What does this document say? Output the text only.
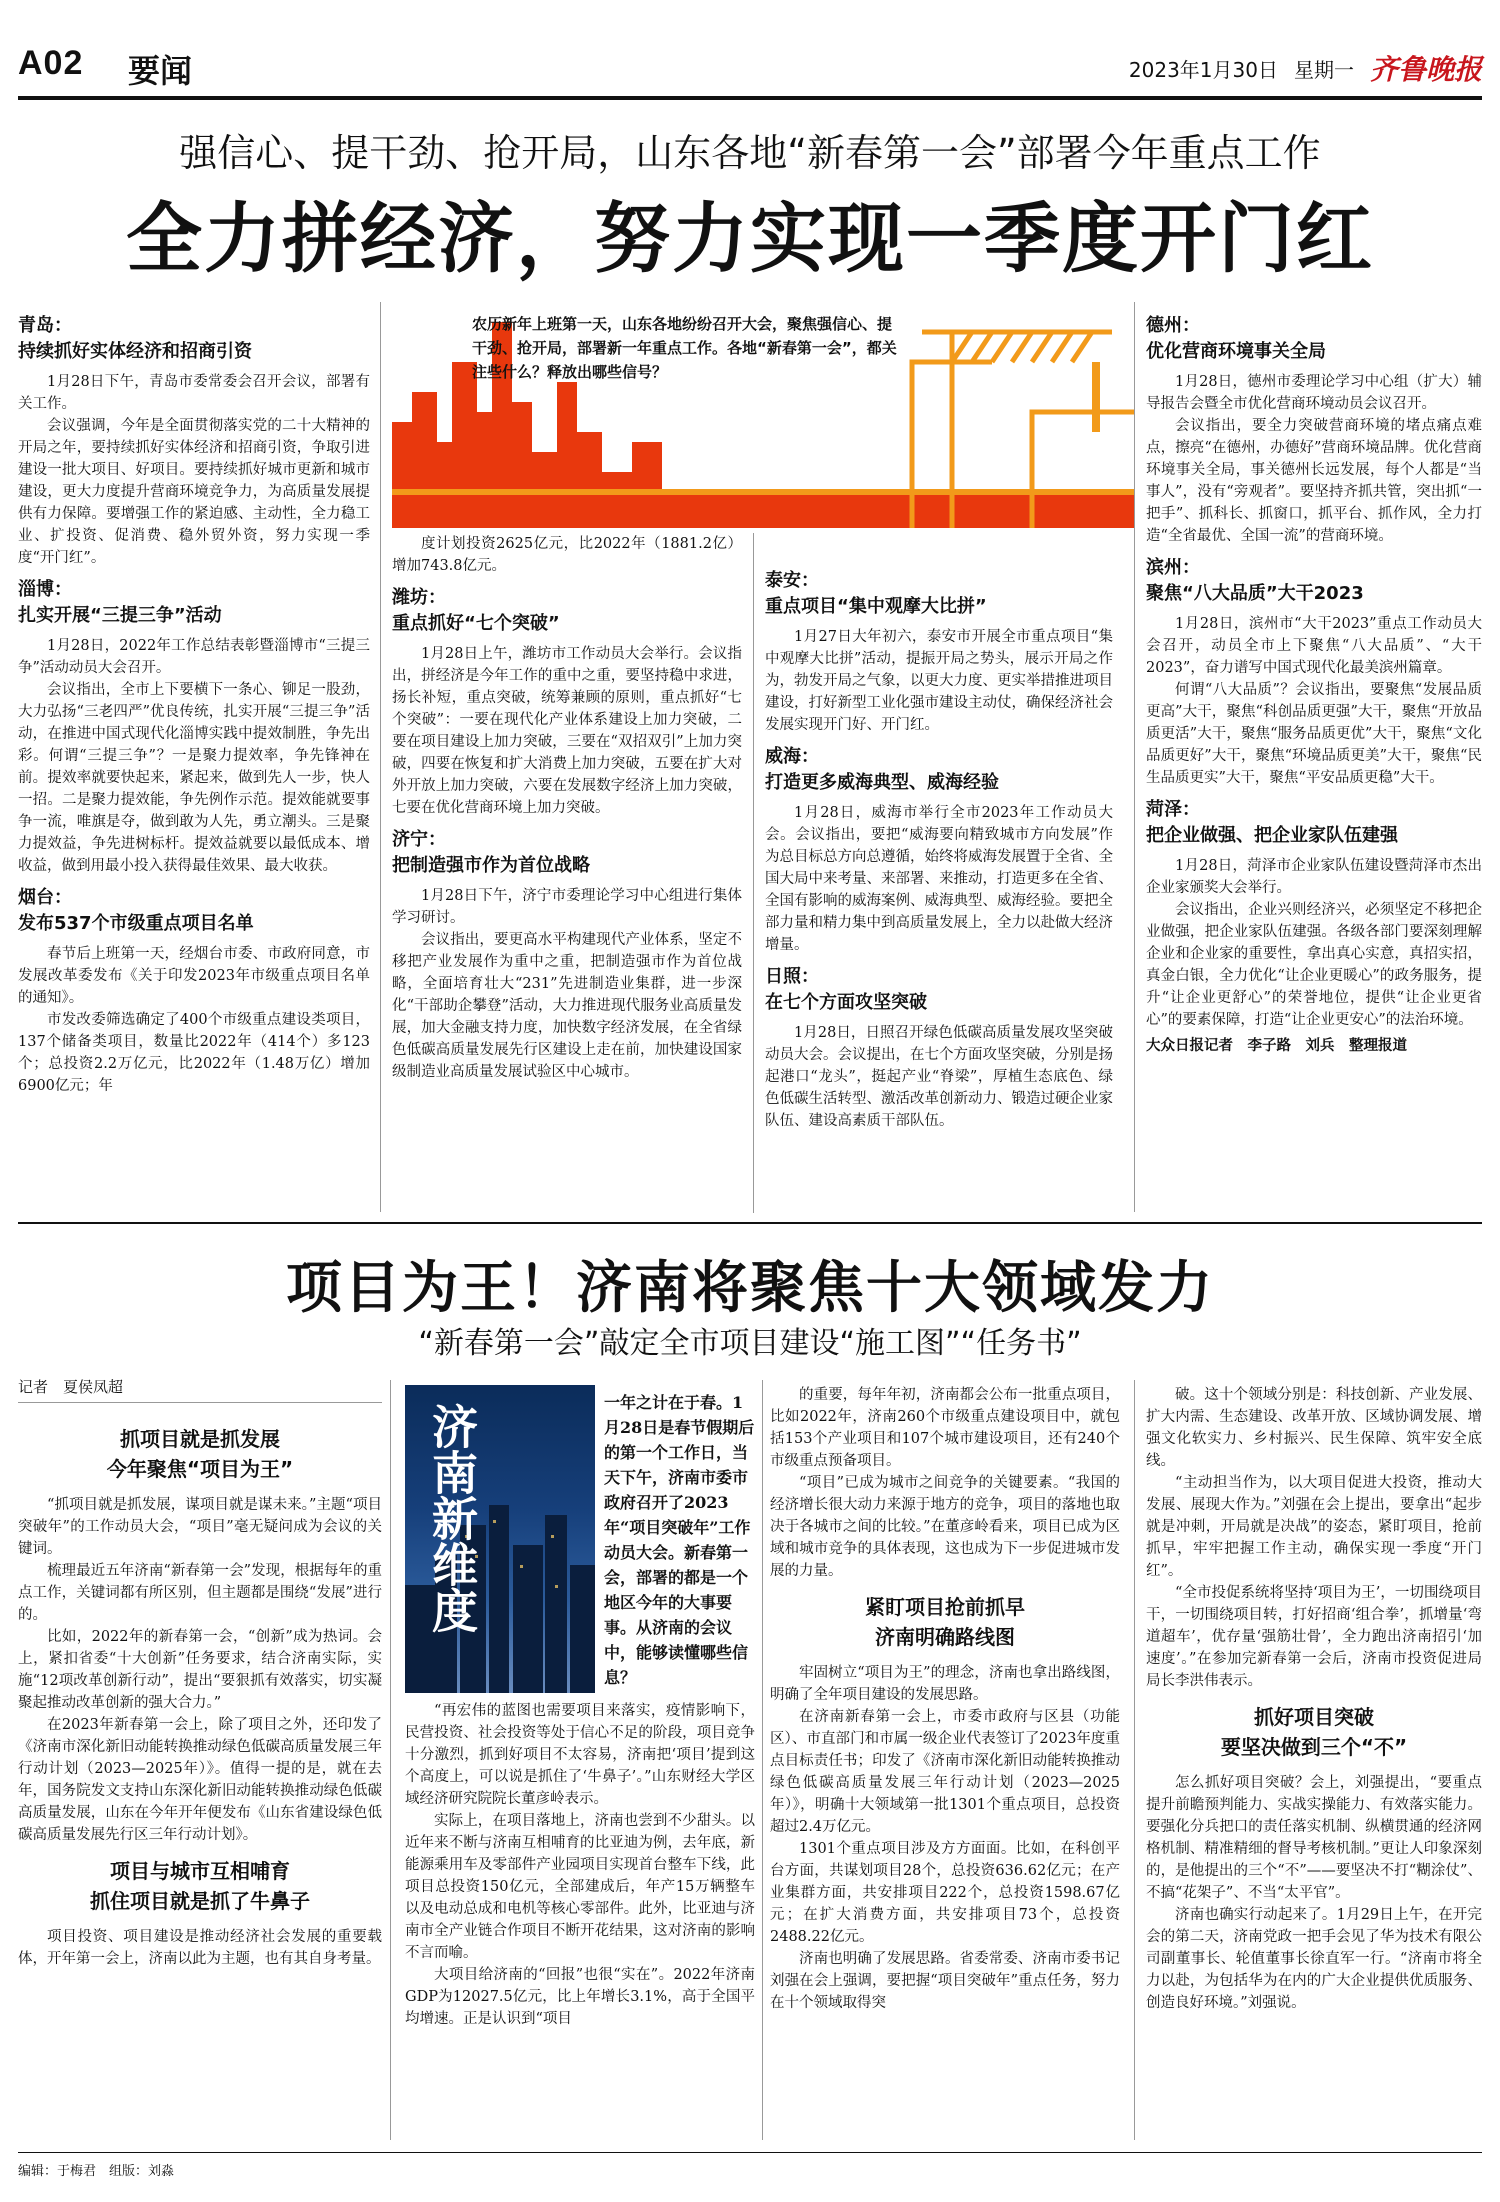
A02 要闻	2023年1月30日 星期一 齐鲁晚报
强信心、提干劲、抢开局，山东各地“新春第一会”部署今年重点工作
全力拼经济，努力实现一季度开门红
青岛：
持续抓好实体经济和招商引资

1月28日下午，青岛市委常委会召开会议，部署有关工作。

会议强调，今年是全面贯彻落实党的二十大精神的开局之年，要持续抓好实体经济和招商引资，争取引进建设一批大项目、好项目。要持续抓好城市更新和城市建设，更大力度提升营商环境竞争力，为高质量发展提供有力保障。要增强工作的紧迫感、主动性，全力稳工业、扩投资、促消费、稳外贸外资，努力实现一季度“开门红”。

淄博：
扎实开展“三提三争”活动

1月28日，2022年工作总结表彰暨淄博市“三提三争”活动动员大会召开。

会议指出，全市上下要横下一条心、铆足一股劲，大力弘扬“三老四严”优良传统，扎实开展“三提三争”活动，在推进中国式现代化淄博实践中提效制胜，争先出彩。何谓“三提三争”？一是聚力提效率，争先锋神在前。提效率就要快起来，紧起来，做到先人一步，快人一招。二是聚力提效能，争先例作示范。提效能就要事争一流，唯旗是夺，做到敢为人先，勇立潮头。三是聚力提效益，争先进树标杆。提效益就要以最低成本、增收益，做到用最小投入获得最佳效果、最大收获。

烟台：
发布537个市级重点项目名单

春节后上班第一天，经烟台市委、市政府同意，市发展改革委发布《关于印发2023年市级重点项目名单的通知》。

市发改委筛选确定了400个市级重点建设类项目，137个储备类项目，数量比2022年（414个）多123个；总投资2.2万亿元，比2022年（1.48万亿）增加6900亿元；年

农历新年上班第一天，山东各地纷纷召开大会，聚焦强信心、提干劲、抢开局，部署新一年重点工作。各地“新春第一会”，都关注些什么？释放出哪些信号？

度计划投资2625亿元，比2022年（1881.2亿）增加743.8亿元。

潍坊：
重点抓好“七个突破”

1月28日上午，潍坊市工作动员大会举行。会议指出，拼经济是今年工作的重中之重，要坚持稳中求进，扬长补短，重点突破，统筹兼顾的原则，重点抓好“七个突破”：一要在现代化产业体系建设上加力突破，二要在项目建设上加力突破，三要在“双招双引”上加力突破，四要在恢复和扩大消费上加力突破，五要在扩大对外开放上加力突破，六要在发展数字经济上加力突破，七要在优化营商环境上加力突破。

济宁：
把制造强市作为首位战略

1月28日下午，济宁市委理论学习中心组进行集体学习研讨。

会议指出，要更高水平构建现代产业体系，坚定不移把产业发展作为重中之重，把制造强市作为首位战略，全面培育壮大“231”先进制造业集群，进一步深化“干部助企攀登”活动，大力推进现代服务业高质量发展，加大金融支持力度，加快数字经济发展，在全省绿色低碳高质量发展先行区建设上走在前，加快建设国家级制造业高质量发展试验区中心城市。

泰安：
重点项目“集中观摩大比拼”

1月27日大年初六，泰安市开展全市重点项目“集中观摩大比拼”活动，提振开局之势头，展示开局之作为，勃发开局之气象，以更大力度、更实举措推进项目建设，打好新型工业化强市建设主动仗，确保经济社会发展实现开门好、开门红。

威海：
打造更多威海典型、威海经验

1月28日，威海市举行全市2023年工作动员大会。会议指出，要把“威海要向精致城市方向发展”作为总目标总方向总遵循，始终将威海发展置于全省、全国大局中来考量、来部署、来推动，打造更多在全省、全国有影响的威海案例、威海典型、威海经验。要把全部力量和精力集中到高质量发展上，全力以赴做大经济增量。

日照：
在七个方面攻坚突破

1月28日，日照召开绿色低碳高质量发展攻坚突破动员大会。会议提出，在七个方面攻坚突破，分别是扬起港口“龙头”，挺起产业“脊梁”，厚植生态底色、绿色低碳生活转型、激活改革创新动力、锻造过硬企业家队伍、建设高素质干部队伍。

德州：
优化营商环境事关全局

1月28日，德州市委理论学习中心组（扩大）辅导报告会暨全市优化营商环境动员会议召开。

会议指出，要全力突破营商环境的堵点痛点难点，擦亮“在德州，办德好”营商环境品牌。优化营商环境事关全局，事关德州长远发展，每个人都是“当事人”，没有“旁观者”。要坚持齐抓共管，突出抓“一把手”、抓科长、抓窗口，抓平台、抓作风，全力打造“全省最优、全国一流”的营商环境。

滨州：
聚焦“八大品质”大干2023

1月28日，滨州市“大干2023”重点工作动员大会召开，动员全市上下聚焦“八大品质”、“大干2023”，奋力谱写中国式现代化最美滨州篇章。

何谓“八大品质”？会议指出，要聚焦“发展品质更高”大干，聚焦“科创品质更强”大干，聚焦“开放品质更活”大干，聚焦“服务品质更优”大干，聚焦“文化品质更好”大干，聚焦“环境品质更美”大干，聚焦“民生品质更实”大干，聚焦“平安品质更稳”大干。

菏泽：
把企业做强、把企业家队伍建强

1月28日，菏泽市企业家队伍建设暨菏泽市杰出企业家颁奖大会举行。

会议指出，企业兴则经济兴，必须坚定不移把企业做强，把企业家队伍建强。各级各部门要深刻理解企业和企业家的重要性，拿出真心实意，真招实招，真金白银，全力优化“让企业更暖心”的政务服务，提升“让企业更舒心”的荣誉地位，提供“让企业更省心”的要素保障，打造“让企业更安心”的法治环境。

大众日报记者　李子路　刘兵　整理报道
项目为王！济南将聚焦十大领域发力
“新春第一会”敲定全市项目建设“施工图”“任务书”
记者　夏侯凤超
抓项目就是抓发展
今年聚焦“项目为王”

“抓项目就是抓发展，谋项目就是谋未来。”主题“项目突破年”的工作动员大会，“项目”毫无疑问成为会议的关键词。

梳理最近五年济南“新春第一会”发现，根据每年的重点工作，关键词都有所区别，但主题都是围绕“发展”进行的。

比如，2022年的新春第一会，“创新”成为热词。会上，紧扣省委“十大创新”任务要求，结合济南实际，实施“12项改革创新行动”，提出“要狠抓有效落实，切实凝聚起推动改革创新的强大合力。”

在2023年新春第一会上，除了项目之外，还印发了《济南市深化新旧动能转换推动绿色低碳高质量发展三年行动计划（2023—2025年）》。值得一提的是，就在去年，国务院发文支持山东深化新旧动能转换推动绿色低碳高质量发展，山东在今年开年便发布《山东省建设绿色低碳高质量发展先行区三年行动计划》。

项目与城市互相哺育
抓住项目就是抓了牛鼻子

项目投资、项目建设是推动经济社会发展的重要载体，开年第一会上，济南以此为主题，也有其自身考量。

济南新维度
一年之计在于春。1月28日是春节假期后的第一个工作日，当天下午，济南市委市政府召开了2023年“项目突破年”工作动员大会。新春第一会，部署的都是一个地区今年的大事要事。从济南的会议中，能够读懂哪些信息？

“再宏伟的蓝图也需要项目来落实，疫情影响下，民营投资、社会投资等处于信心不足的阶段，项目竞争十分激烈，抓到好项目不太容易，济南把‘项目’提到这个高度上，可以说是抓住了‘牛鼻子’。”山东财经大学区域经济研究院院长董彦岭表示。

实际上，在项目落地上，济南也尝到不少甜头。以近年来不断与济南互相哺育的比亚迪为例，去年底，新能源乘用车及零部件产业园项目实现首台整车下线，此项目总投资150亿元，全部建成后，年产15万辆整车以及电动总成和电机等核心零部件。此外，比亚迪与济南市全产业链合作项目不断开花结果，这对济南的影响不言而喻。

大项目给济南的“回报”也很“实在”。2022年济南GDP为12027.5亿元，比上年增长3.1%，高于全国平均增速。正是认识到“项目

的重要，每年年初，济南都会公布一批重点项目，比如2022年，济南260个市级重点建设项目中，就包括153个产业项目和107个城市建设项目，还有240个市级重点预备项目。

“项目”已成为城市之间竞争的关键要素。“我国的经济增长很大动力来源于地方的竞争，项目的落地也取决于各城市之间的比较。”在董彦岭看来，项目已成为区域和城市竞争的具体表现，这也成为下一步促进城市发展的力量。

紧盯项目抢前抓早
济南明确路线图

牢固树立“项目为王”的理念，济南也拿出路线图，明确了全年项目建设的发展思路。

在济南新春第一会上，市委市政府与区县（功能区）、市直部门和市属一级企业代表签订了2023年度重点目标责任书；印发了《济南市深化新旧动能转换推动绿色低碳高质量发展三年行动计划（2023—2025年）》，明确十大领域第一批1301个重点项目，总投资超过2.4万亿元。

1301个重点项目涉及方方面面。比如，在科创平台方面，共谋划项目28个，总投资636.62亿元；在产业集群方面，共安排项目222个，总投资1598.67亿元；在扩大消费方面，共安排项目73个，总投资2488.22亿元。

济南也明确了发展思路。省委常委、济南市委书记刘强在会上强调，要把握“项目突破年”重点任务，努力在十个领域取得突

破。这十个领域分别是：科技创新、产业发展、扩大内需、生态建设、改革开放、区域协调发展、增强文化软实力、乡村振兴、民生保障、筑牢安全底线。

“主动担当作为，以大项目促进大投资，推动大发展、展现大作为。”刘强在会上提出，要拿出“起步就是冲刺，开局就是决战”的姿态，紧盯项目，抢前抓早，牢牢把握工作主动，确保实现一季度“开门红”。

“全市投促系统将坚持‘项目为王’，一切围绕项目干，一切围绕项目转，打好招商‘组合拳’，抓增量‘弯道超车’，优存量‘强筋壮骨’，全力跑出济南招引‘加速度’。”在参加完新春第一会后，济南市投资促进局局长李洪伟表示。

抓好项目突破
要坚决做到三个“不”

怎么抓好项目突破？会上，刘强提出，“要重点提升前瞻预判能力、实战实操能力、有效落实能力。要强化分兵把口的责任落实机制、纵横贯通的经济网格机制、精准精细的督导考核机制。”更让人印象深刻的，是他提出的三个“不”——要坚决不打“糊涂仗”、不搞“花架子”、不当“太平官”。

济南也确实行动起来了。1月29日上午，在开完会的第二天，济南党政一把手会见了华为技术有限公司副董事长、轮值董事长徐直军一行。“济南市将全力以赴，为包括华为在内的广大企业提供优质服务、创造良好环境。”刘强说。

编辑：于梅君　组版：刘淼
